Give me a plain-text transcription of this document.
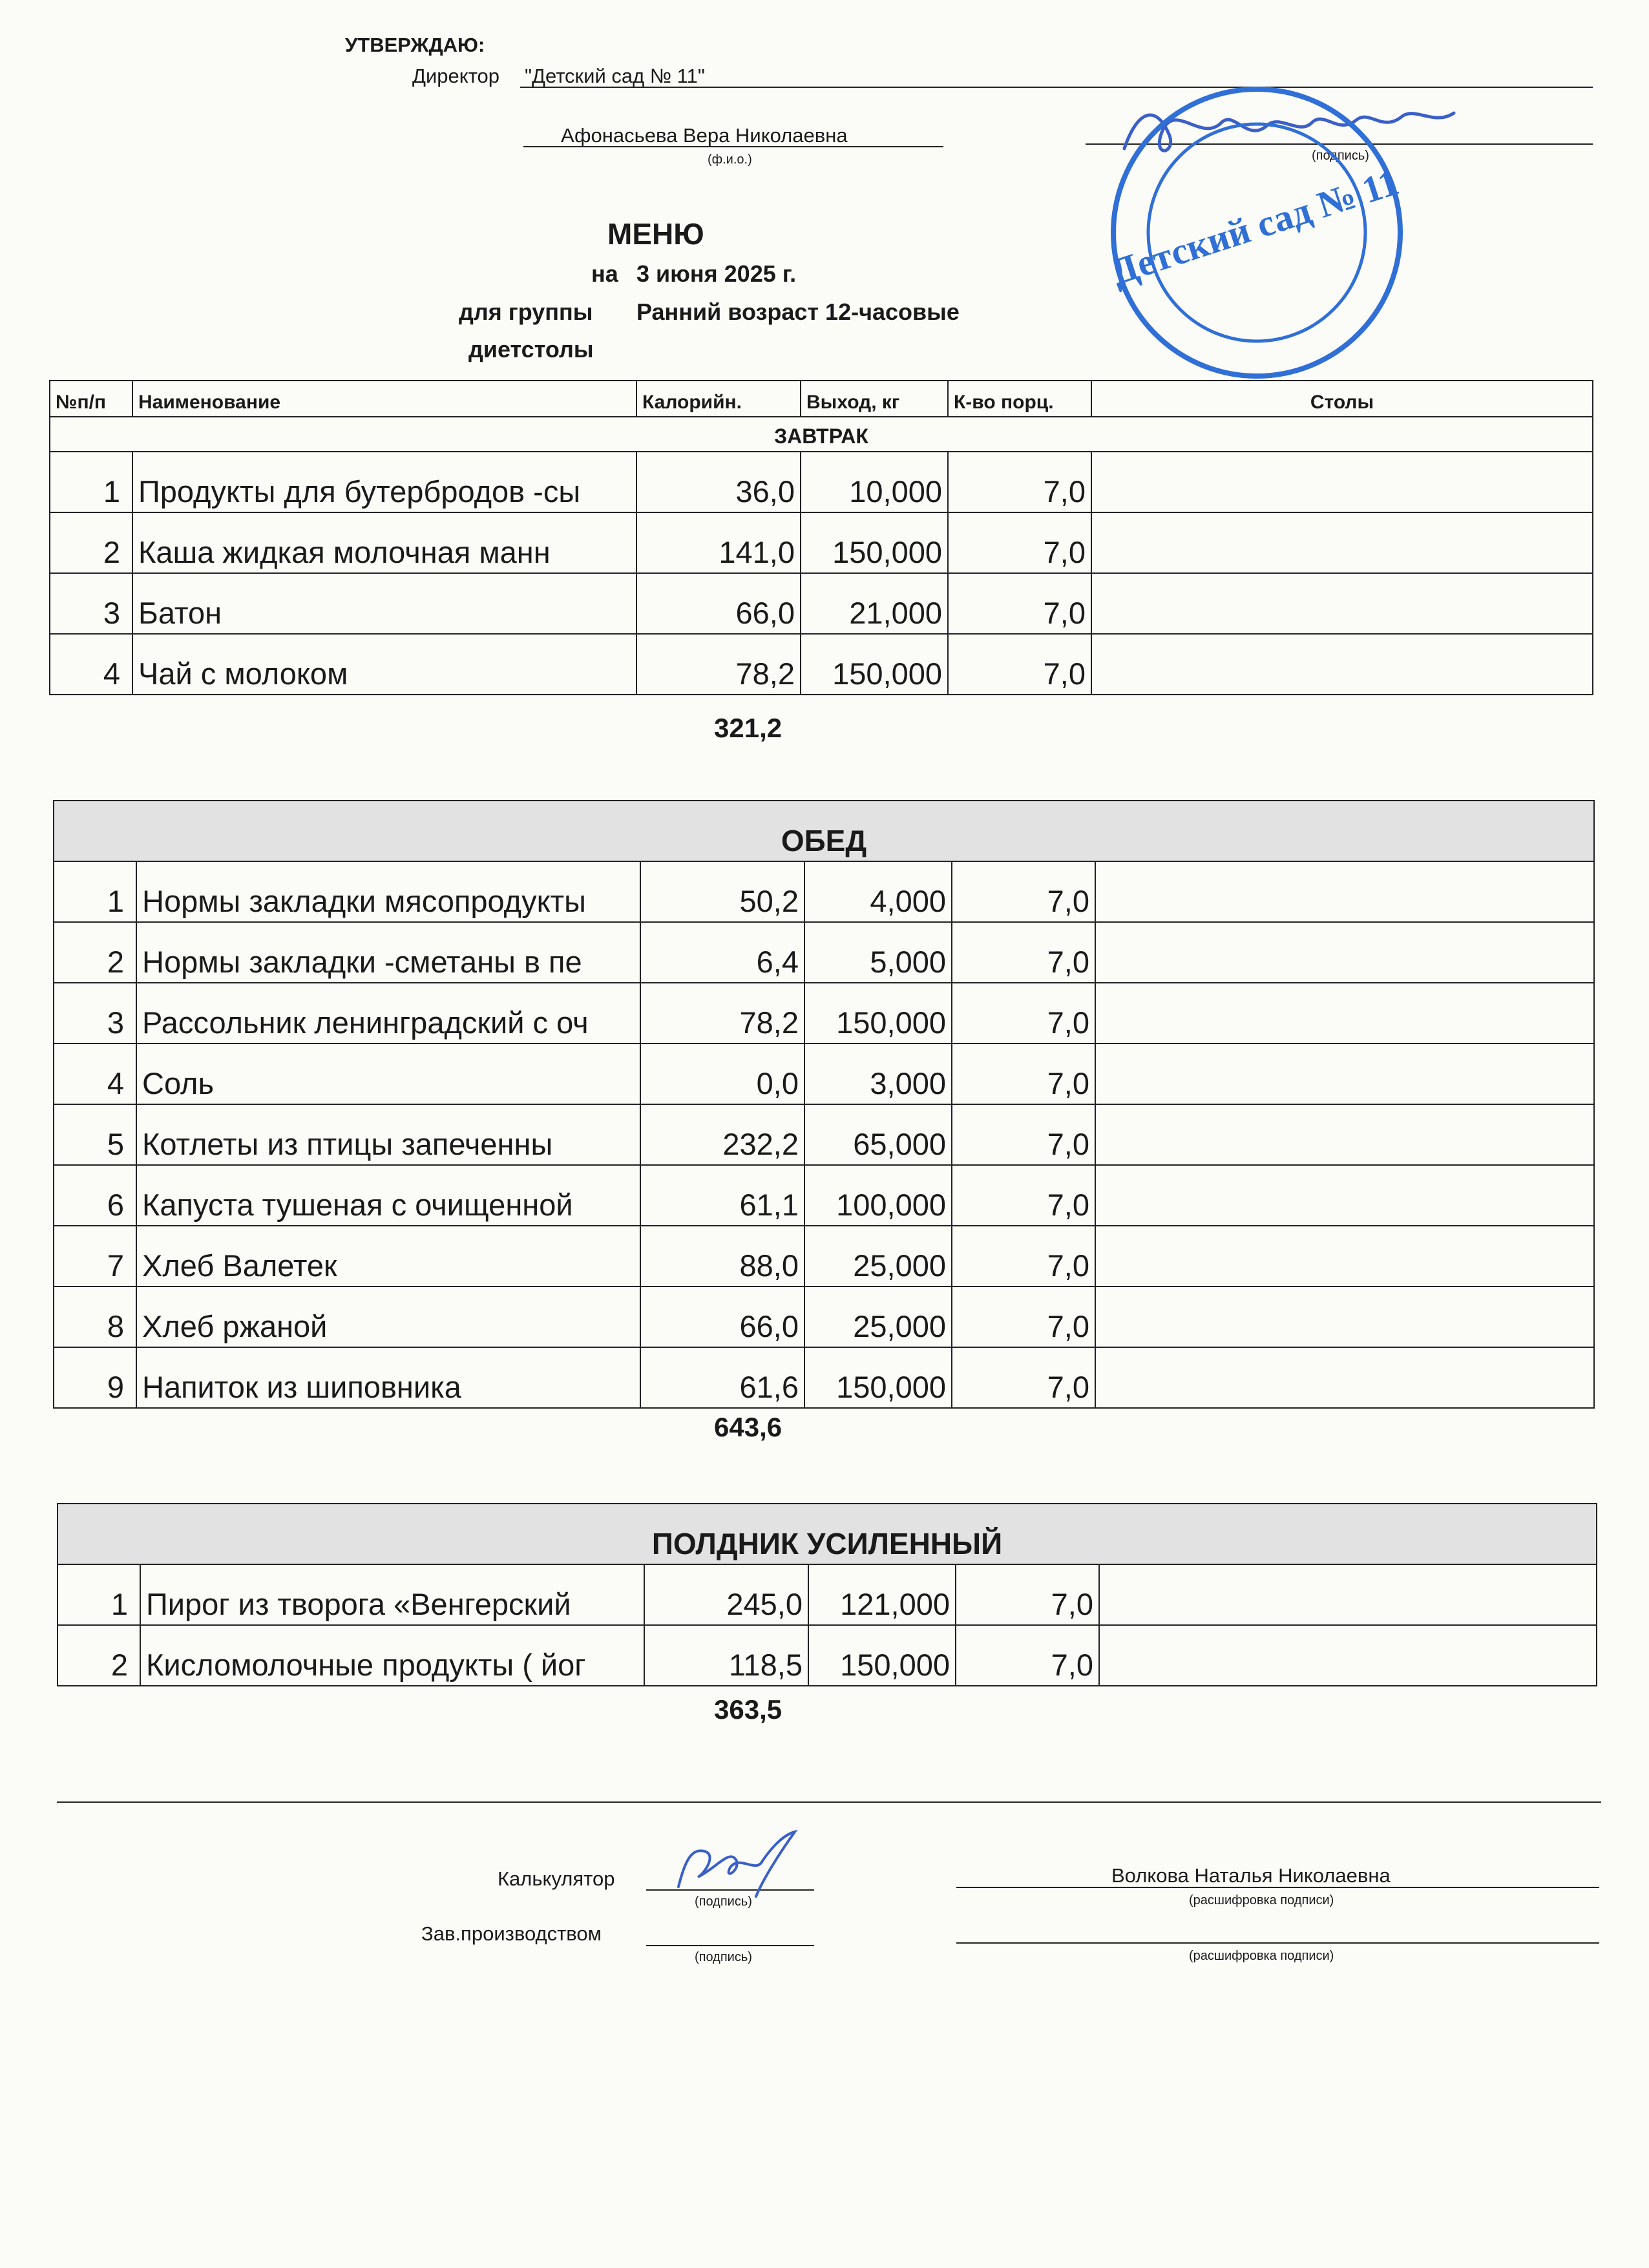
УТВЕРЖДАЮ:
Директор "Детский сад № 11"
Афонасьева Вера Николаевна
(ф.и.о.)	(подпись)
Детский сад № 11
МЕНЮ
на 3 июня 2025 г.
для группы Ранний возраст 12-часовые
диетстолы
№п/п	Наименование	Калорийн.	Выход, кг	К-во порц.	Столы
ЗАВТРАК					
1	Продукты для бутербродов -сы	36,0	10,000	7,0	
2	Каша жидкая молочная манн	141,0	150,000	7,0	
3	Батон	66,0	21,000	7,0	
4	Чай с молоком	78,2	150,000	7,0	
321,2
ОБЕД					
1	Нормы закладки мясопродукты	50,2	4,000	7,0	
2	Нормы закладки -сметаны в пе	6,4	5,000	7,0	
3	Рассольник ленинградский с оч	78,2	150,000	7,0	
4	Соль	0,0	3,000	7,0	
5	Котлеты из птицы запеченны	232,2	65,000	7,0	
6	Капуста тушеная с очищенной	61,1	100,000	7,0	
7	Хлеб Валетек	88,0	25,000	7,0	
8	Хлеб ржаной	66,0	25,000	7,0	
9	Напиток из шиповника	61,6	150,000	7,0	
643,6
ПОЛДНИК УСИЛЕННЫЙ					
1	Пирог из творога «Венгерский	245,0	121,000	7,0	
2	Кисломолочные продукты ( йог	118,5	150,000	7,0	
363,5
Калькулятор
(подпись)
Волкова Наталья Николаевна
(расшифровка подписи)
Зав.производством
(подпись)	(расшифровка подписи)
